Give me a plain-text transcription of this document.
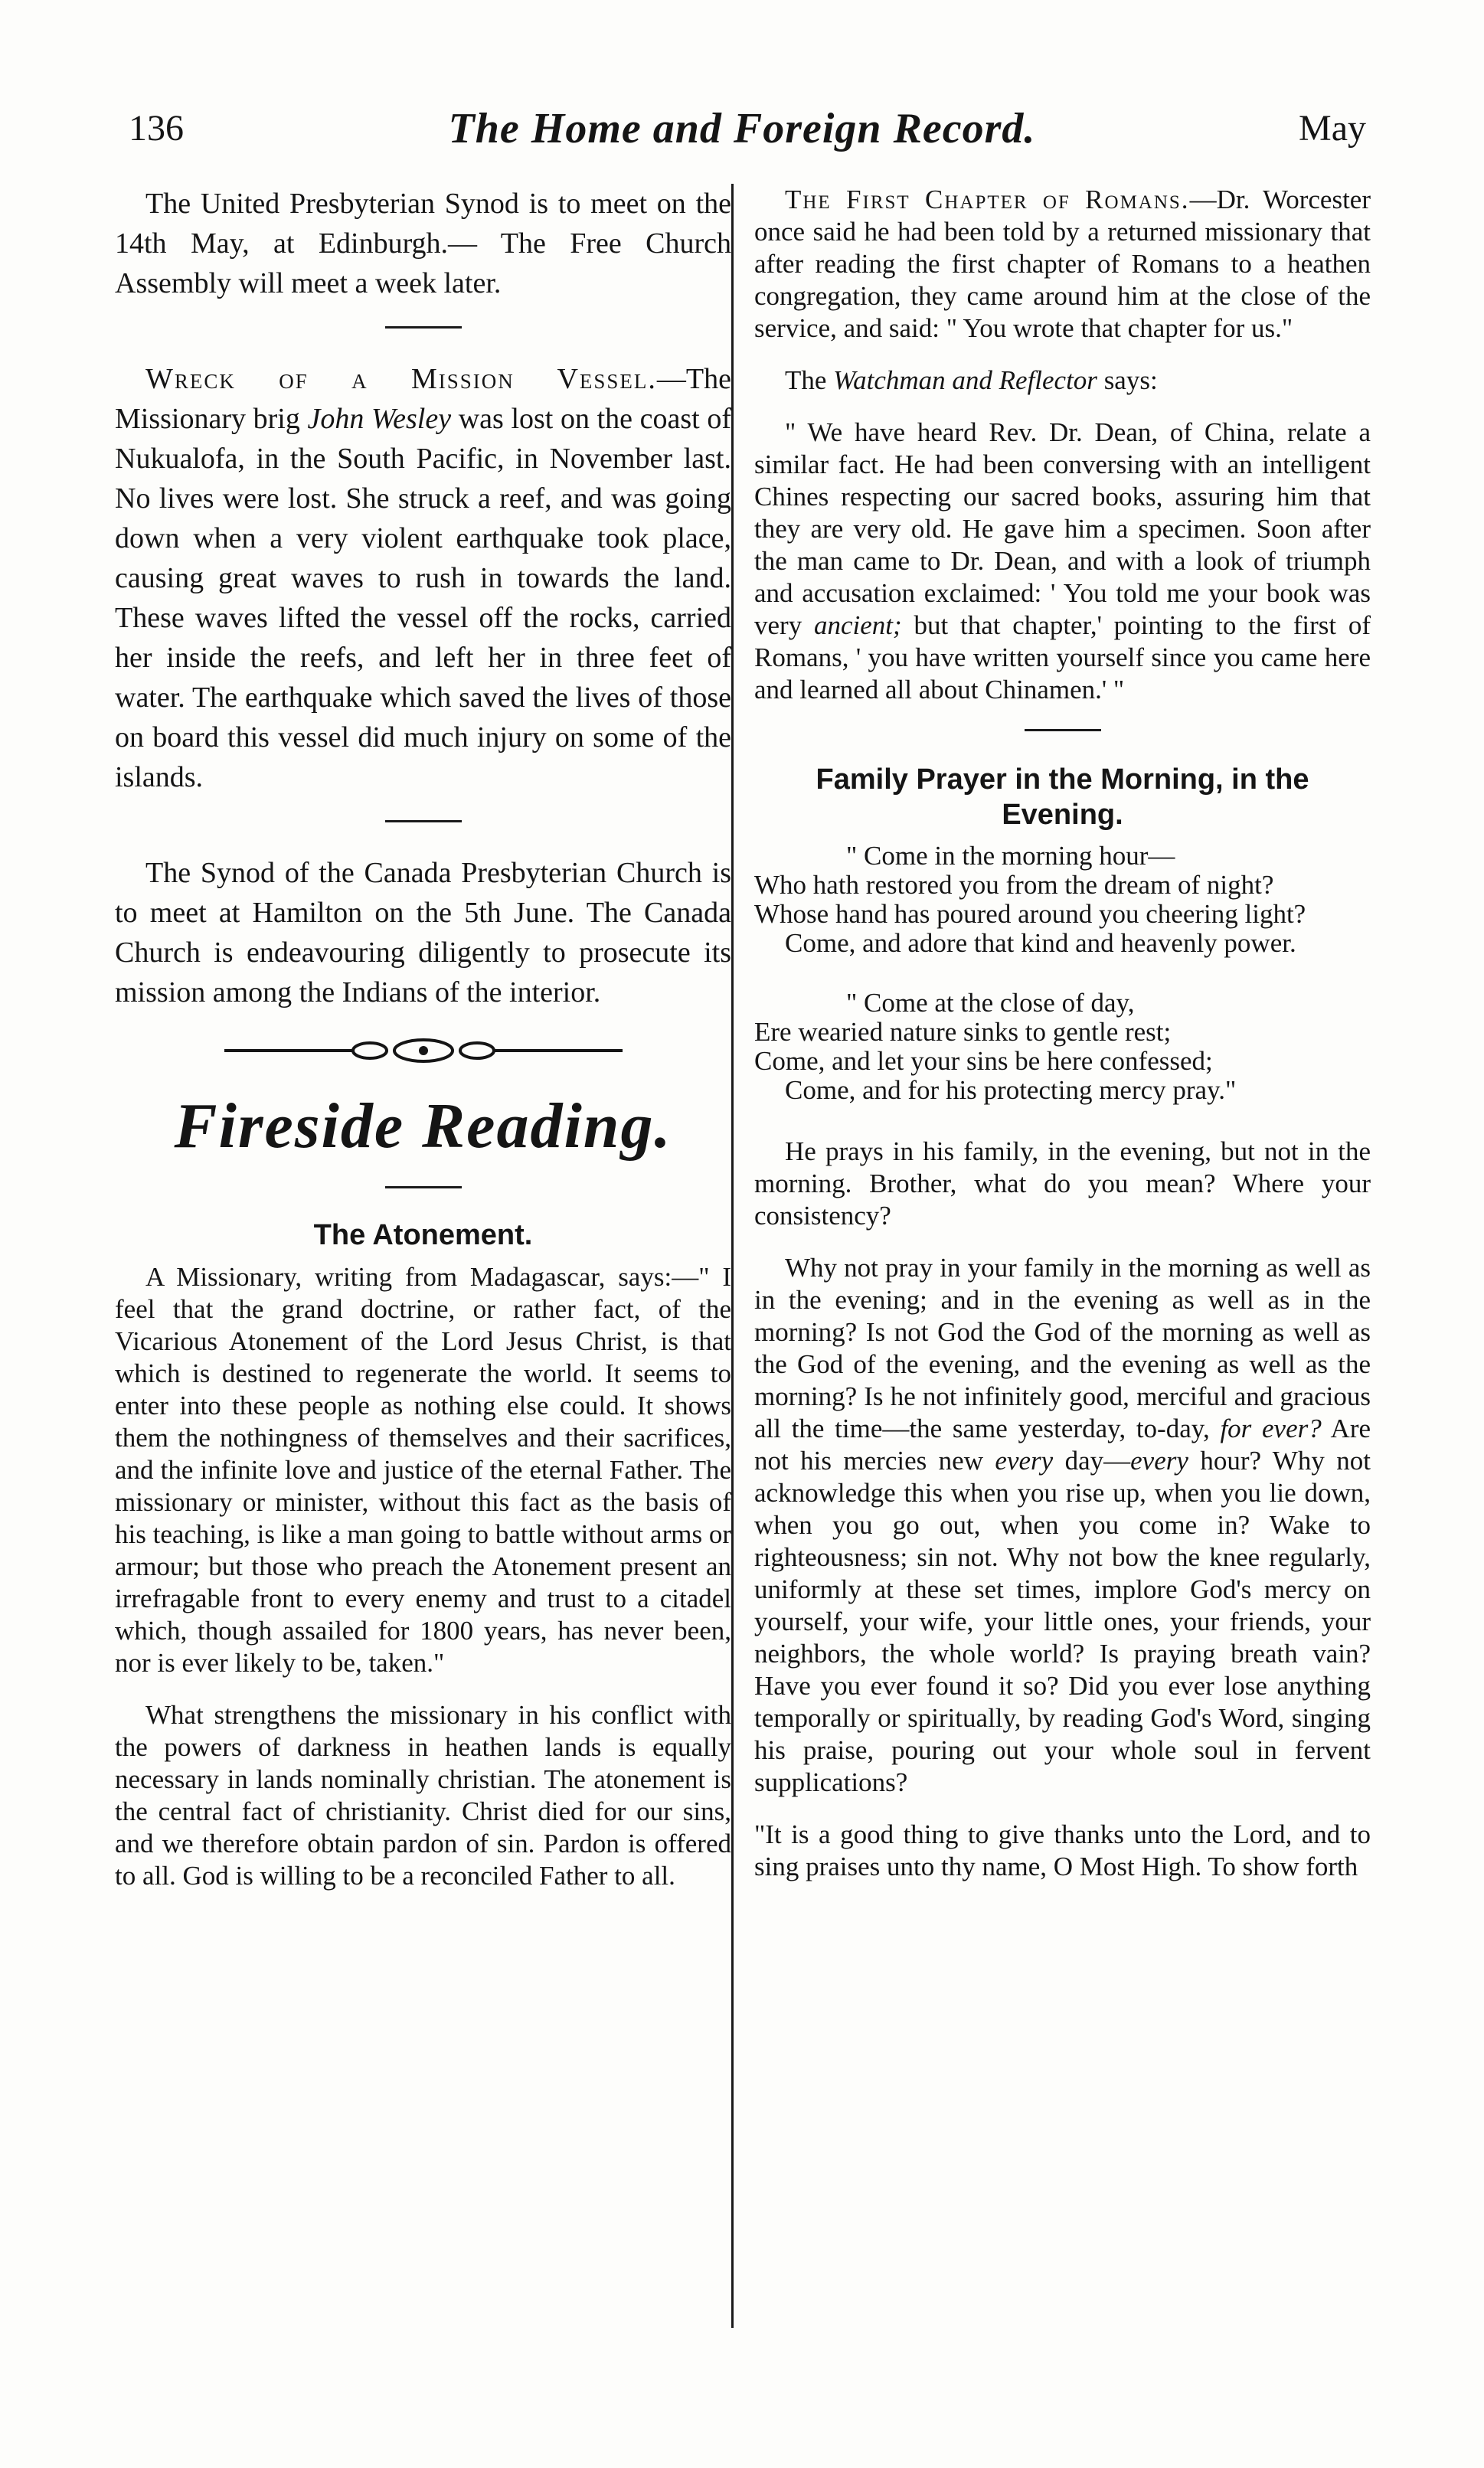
136	The Home and Foreign Record.	May

The United Presbyterian Synod is to meet on the 14th May, at Edinburgh.— The Free Church Assembly will meet a week later.

Wreck of a Mission Vessel.—The Missionary brig John Wesley was lost on the coast of Nukualofa, in the South Pacific, in November last. No lives were lost. She struck a reef, and was going down when a very violent earthquake took place, causing great waves to rush in towards the land. These waves lifted the vessel off the rocks, carried her inside the reefs, and left her in three feet of water. The earthquake which saved the lives of those on board this vessel did much injury on some of the islands.

The Synod of the Canada Presbyterian Church is to meet at Hamilton on the 5th June. The Canada Church is endeavouring diligently to prosecute its mission among the Indians of the interior.

Fireside Reading.
The Atonement.

A Missionary, writing from Madagascar, says:—" I feel that the grand doctrine, or rather fact, of the Vicarious Atonement of the Lord Jesus Christ, is that which is destined to regenerate the world. It seems to enter into these people as nothing else could. It shows them the nothingness of themselves and their sacrifices, and the infinite love and justice of the eternal Father. The missionary or minister, without this fact as the basis of his teaching, is like a man going to battle without arms or armour; but those who preach the Atonement present an irrefragable front to every enemy and trust to a citadel which, though assailed for 1800 years, has never been, nor is ever likely to be, taken."

What strengthens the missionary in his conflict with the powers of darkness in heathen lands is equally necessary in lands nominally christian. The atonement is the central fact of christianity. Christ died for our sins, and we therefore obtain pardon of sin. Pardon is offered to all. God is willing to be a reconciled Father to all.

The First Chapter of Romans.—Dr. Worcester once said he had been told by a returned missionary that after reading the first chapter of Romans to a heathen congregation, they came around him at the close of the service, and said: " You wrote that chapter for us."

The Watchman and Reflector says:

" We have heard Rev. Dr. Dean, of China, relate a similar fact. He had been conversing with an intelligent Chines respecting our sacred books, assuring him that they are very old. He gave him a specimen. Soon after the man came to Dr. Dean, and with a look of triumph and accusation exclaimed: ' You told me your book was very ancient; but that chapter,' pointing to the first of Romans, ' you have written yourself since you came here and learned all about Chinamen.' "

Family Prayer in the Morning, in the Evening.
" Come in the morning hour—
Who hath restored you from the dream of night?
Whose hand has poured around you cheering light?
Come, and adore that kind and heavenly power.
" Come at the close of day,
Ere wearied nature sinks to gentle rest;
Come, and let your sins be here confessed;
Come, and for his protecting mercy pray."

He prays in his family, in the evening, but not in the morning. Brother, what do you mean? Where your consistency?

Why not pray in your family in the morning as well as in the evening; and in the evening as well as in the morning? Is not God the God of the morning as well as the God of the evening, and the evening as well as the morning? Is he not infinitely good, merciful and gracious all the time—the same yesterday, to-day, for ever? Are not his mercies new every day—every hour? Why not acknowledge this when you rise up, when you lie down, when you go out, when you come in? Wake to righteousness; sin not. Why not bow the knee regularly, uniformly at these set times, implore God's mercy on yourself, your wife, your little ones, your friends, your neighbors, the whole world? Is praying breath vain? Have you ever found it so? Did you ever lose anything temporally or spiritually, by reading God's Word, singing his praise, pouring out your whole soul in fervent supplications?

"It is a good thing to give thanks unto the Lord, and to sing praises unto thy name, O Most High. To show forth
